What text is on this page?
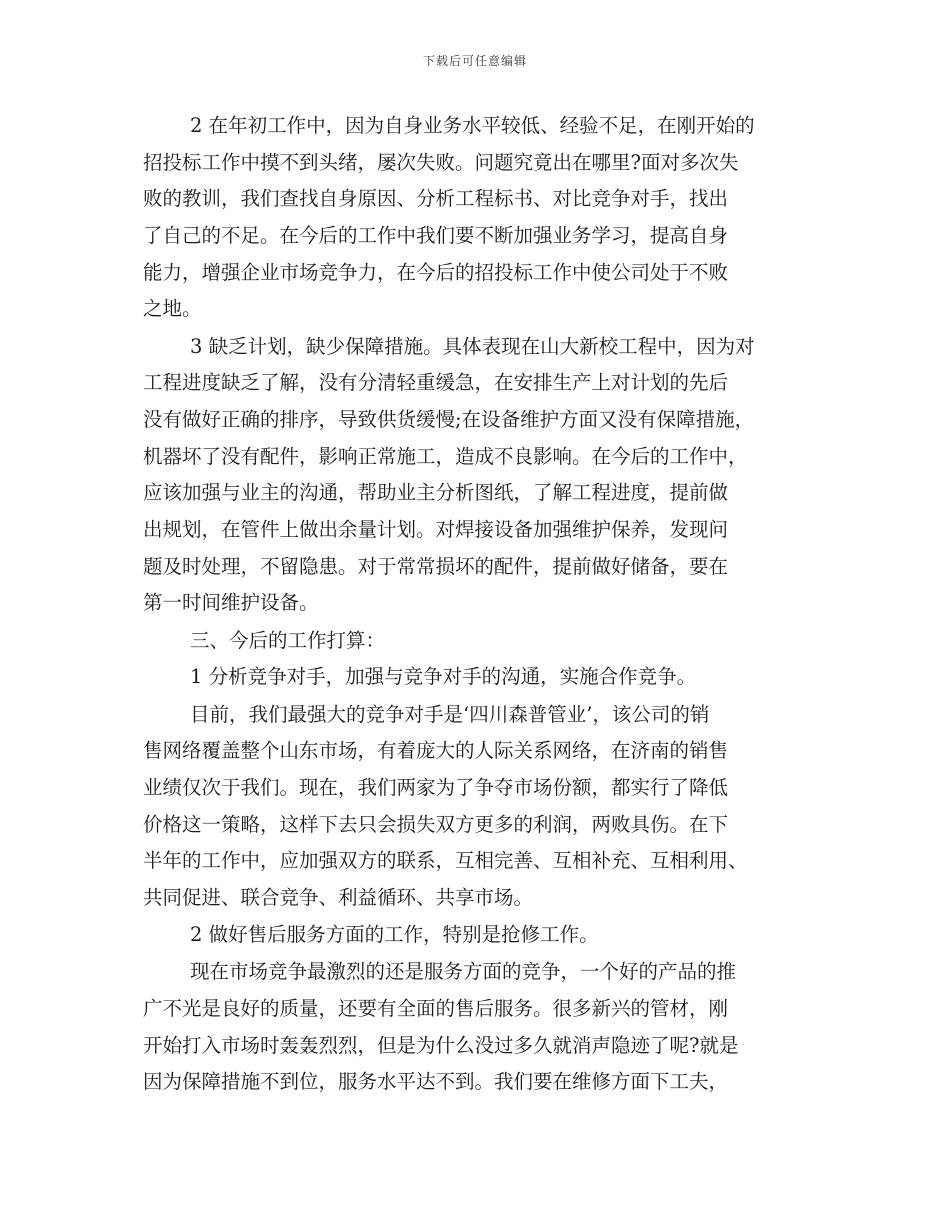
下载后可任意编辑
2 在年初工作中，因为自身业务水平较低、经验不足，在刚开始的
招投标工作中摸不到头绪，屡次失败。问题究竟出在哪里?面对多次失
败的教训，我们查找自身原因、分析工程标书、对比竞争对手，找出
了自己的不足。在今后的工作中我们要不断加强业务学习，提高自身
能力，增强企业市场竞争力，在今后的招投标工作中使公司处于不败
之地。
3 缺乏计划，缺少保障措施。具体表现在山大新校工程中，因为对
工程进度缺乏了解，没有分清轻重缓急，在安排生产上对计划的先后
没有做好正确的排序，导致供货缓慢;在设备维护方面又没有保障措施，
机器坏了没有配件，影响正常施工，造成不良影响。在今后的工作中，
应该加强与业主的沟通，帮助业主分析图纸，了解工程进度，提前做
出规划，在管件上做出余量计划。对焊接设备加强维护保养，发现问
题及时处理，不留隐患。对于常常损坏的配件，提前做好储备，要在
第一时间维护设备。
三、今后的工作打算：
1 分析竞争对手，加强与竞争对手的沟通，实施合作竞争。
目前，我们最强大的竞争对手是‘四川森普管业’，该公司的销
售网络覆盖整个山东市场，有着庞大的人际关系网络，在济南的销售
业绩仅次于我们。现在，我们两家为了争夺市场份额，都实行了降低
价格这一策略，这样下去只会损失双方更多的利润，两败具伤。在下
半年的工作中，应加强双方的联系，互相完善、互相补充、互相利用、
共同促进、联合竞争、利益循环、共享市场。
2 做好售后服务方面的工作，特别是抢修工作。
现在市场竞争最激烈的还是服务方面的竞争，一个好的产品的推
广不光是良好的质量，还要有全面的售后服务。很多新兴的管材，刚
开始打入市场时轰轰烈烈，但是为什么没过多久就消声隐迹了呢?就是
因为保障措施不到位，服务水平达不到。我们要在维修方面下工夫，
